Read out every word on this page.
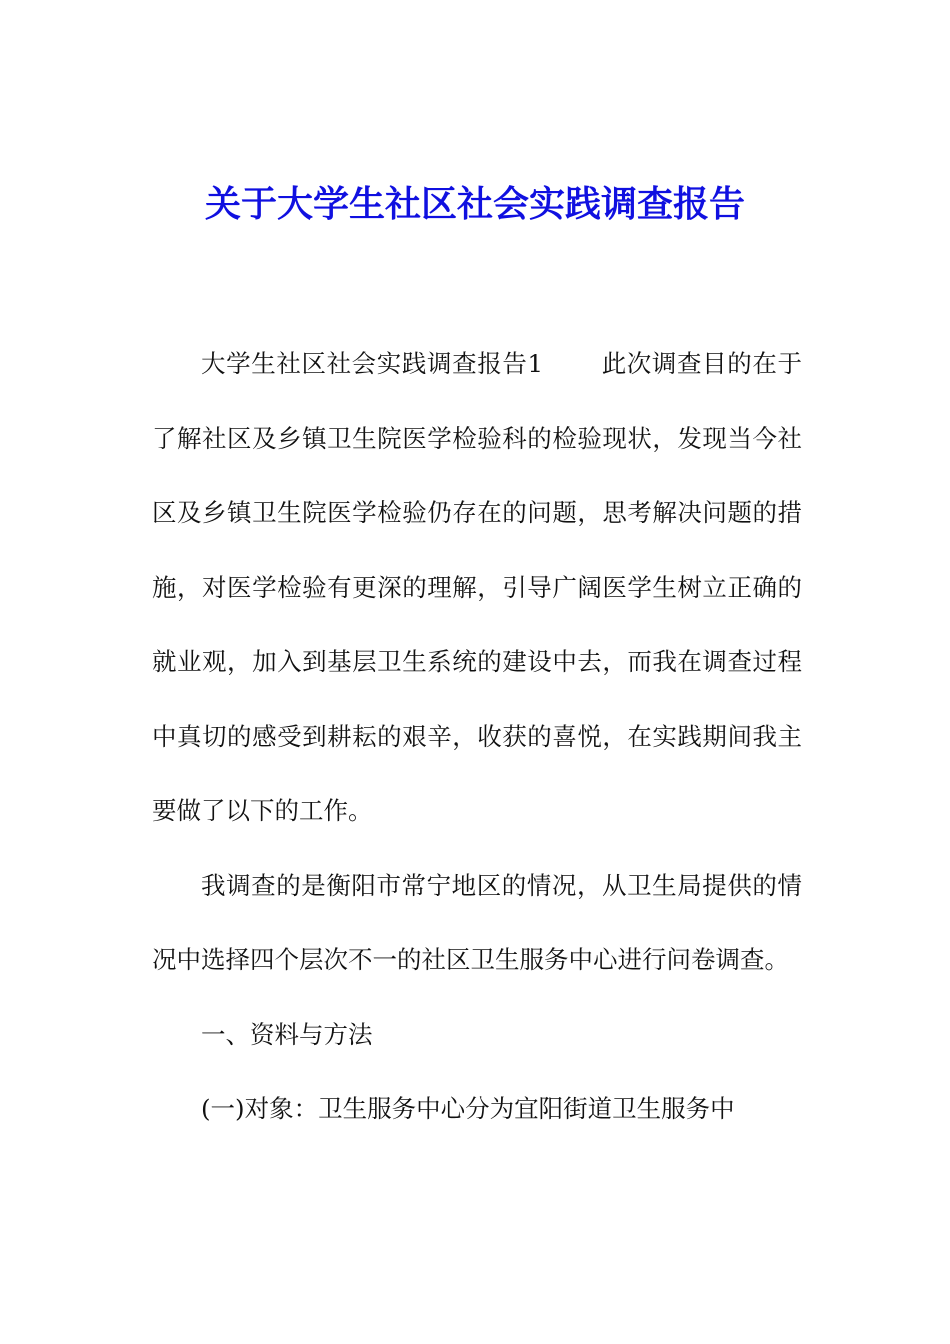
关于大学生社区社会实践调查报告

大学生社区社会实践调查报告1 此次调查目的在于了解社区及乡镇卫生院医学检验科的检验现状，发现当今社区及乡镇卫生院医学检验仍存在的问题，思考解决问题的措施，对医学检验有更深的理解，引导广阔医学生树立正确的就业观，加入到基层卫生系统的建设中去，而我在调查过程中真切的感受到耕耘的艰辛，收获的喜悦，在实践期间我主要做了以下的工作。

我调查的是衡阳市常宁地区的情况，从卫生局提供的情况中选择四个层次不一的社区卫生服务中心进行问卷调查。

一、资料与方法

(一)对象：卫生服务中心分为宜阳街道卫生服务中
